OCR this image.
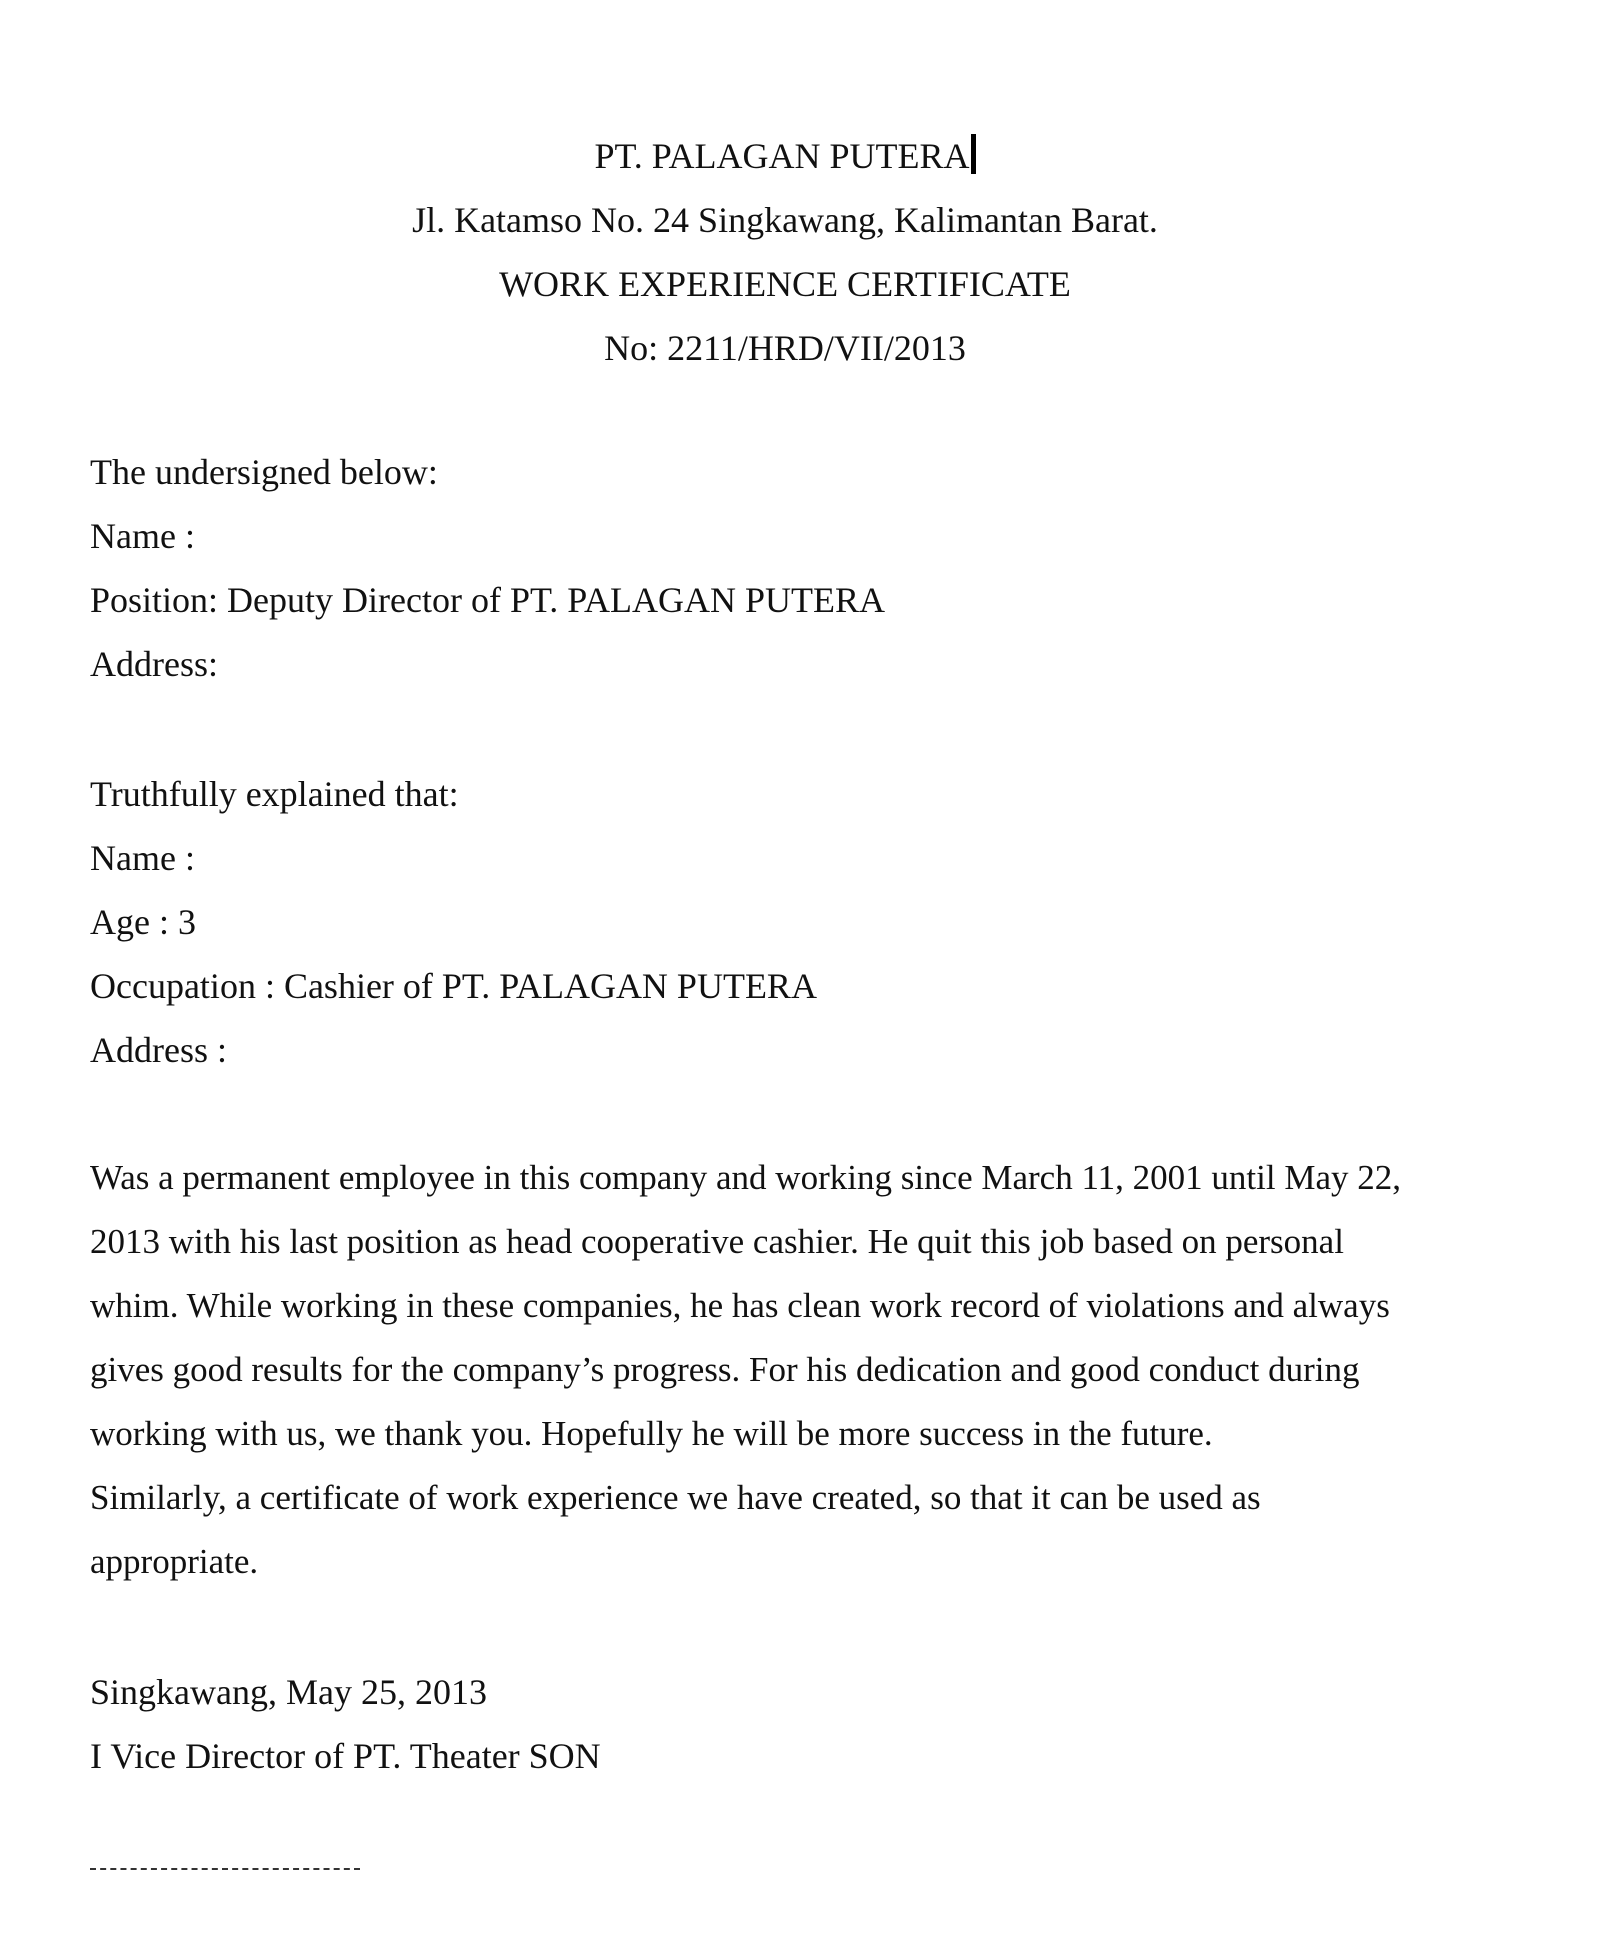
PT. PALAGAN PUTERA
Jl. Katamso No. 24 Singkawang, Kalimantan Barat.
WORK EXPERIENCE CERTIFICATE
No: 2211/HRD/VII/2013
The undersigned below:
Name :
Position: Deputy Director of PT. PALAGAN PUTERA
Address:
Truthfully explained that:
Name :
Age : 3
Occupation : Cashier of PT. PALAGAN PUTERA
Address :
Was a permanent employee in this company and working since March 11, 2001 until May 22,
2013 with his last position as head cooperative cashier. He quit this job based on personal
whim. While working in these companies, he has clean work record of violations and always
gives good results for the company’s progress. For his dedication and good conduct during
working with us, we thank you. Hopefully he will be more success in the future.
Similarly, a certificate of work experience we have created, so that it can be used as
appropriate.
Singkawang, May 25, 2013
I Vice Director of PT. Theater SON
